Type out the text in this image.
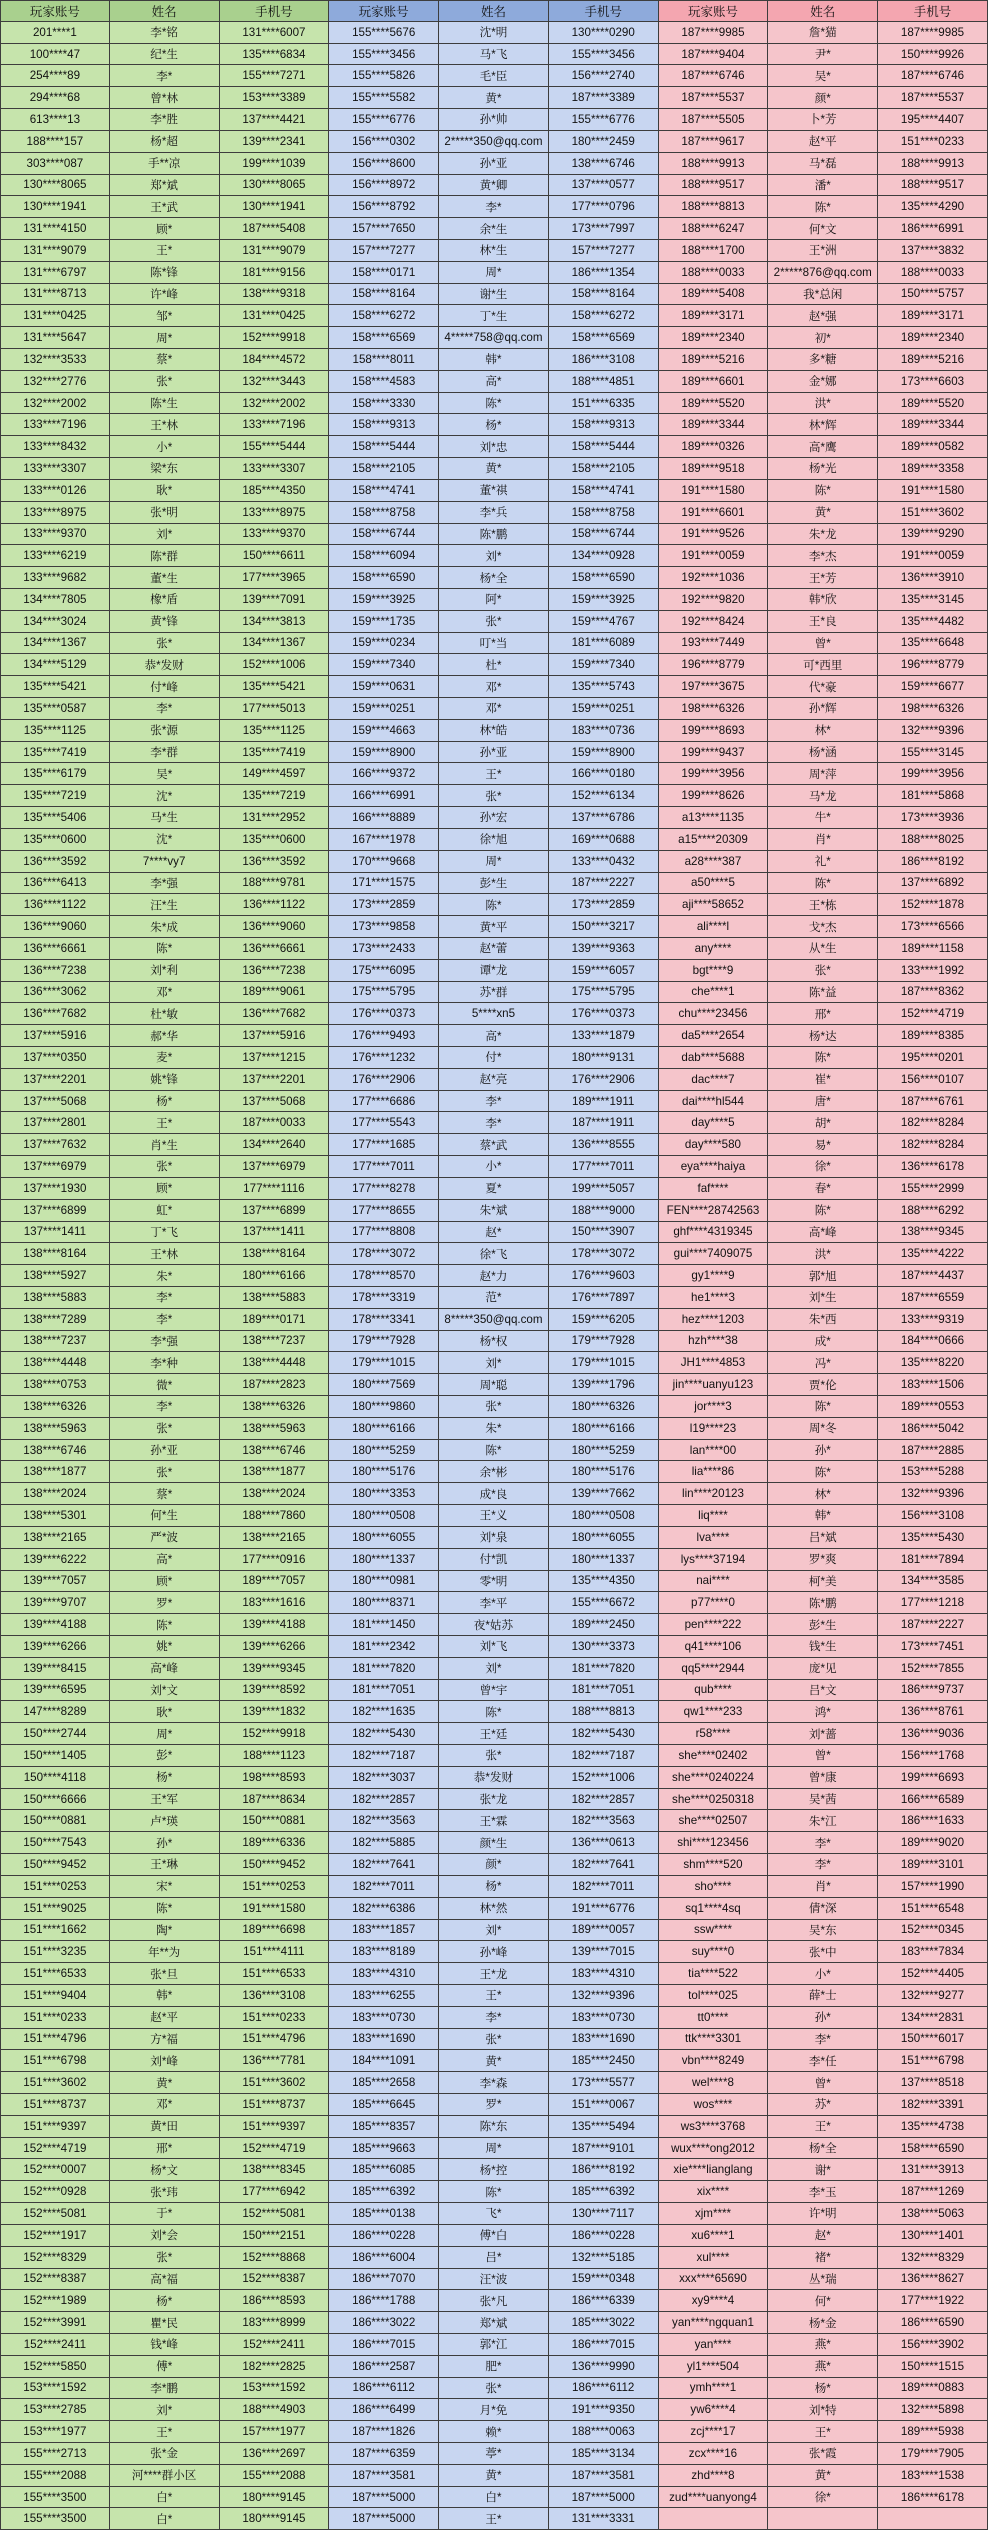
玩家账号	姓名	手机号	玩家账号	姓名	手机号	玩家账号	姓名	手机号
201****1	李*铭	131****6007	155****5676	沈*明	130****0290	187****9985	詹*猫	187****9985
100****47	纪*生	135****6834	155****3456	马*飞	155****3456	187****9404	尹*	150****9926
254****89	李*	155****7271	155****5826	毛*臣	156****2740	187****6746	吴*	187****6746
294****68	曾*林	153****3389	155****5582	黄*	187****3389	187****5537	颜*	187****5537
613****13	李*胜	137****4421	155****6776	孙*帅	155****6776	187****5505	卜*芳	195****4407
188****157	杨*超	139****2341	156****0302	2*****350@qq.com	180****2459	187****9617	赵*平	151****0233
303****087	手**凉	199****1039	156****8600	孙*亚	138****6746	188****9913	马*磊	188****9913
130****8065	郑*斌	130****8065	156****8972	黄*卿	137****0577	188****9517	潘*	188****9517
130****1941	王*武	130****1941	156****8792	李*	177****0796	188****8813	陈*	135****4290
131****4150	顾*	187****5408	157****7650	余*生	173****7997	188****6247	何*文	186****6991
131****9079	王*	131****9079	157****7277	林*生	157****7277	188****1700	王*洲	137****3832
131****6797	陈*锋	181****9156	158****0171	周*	186****1354	188****0033	2*****876@qq.com	188****0033
131****8713	许*峰	138****9318	158****8164	谢*生	158****8164	189****5408	我*总闲	150****5757
131****0425	邹*	131****0425	158****6272	丁*生	158****6272	189****3171	赵*强	189****3171
131****5647	周*	152****9918	158****6569	4*****758@qq.com	158****6569	189****2340	初*	189****2340
132****3533	蔡*	184****4572	158****8011	韩*	186****3108	189****5216	多*糖	189****5216
132****2776	张*	132****3443	158****4583	高*	188****4851	189****6601	金*娜	173****6603
132****2002	陈*生	132****2002	158****3330	陈*	151****6335	189****5520	洪*	189****5520
133****7196	王*林	133****7196	158****9313	杨*	158****9313	189****3344	林*辉	189****3344
133****8432	小*	155****5444	158****5444	刘*忠	158****5444	189****0326	高*鹰	189****0582
133****3307	梁*东	133****3307	158****2105	黄*	158****2105	189****9518	杨*光	189****3358
133****0126	耿*	185****4350	158****4741	董*祺	158****4741	191****1580	陈*	191****1580
133****8975	张*明	133****8975	158****8758	李*兵	158****8758	191****6601	黄*	151****3602
133****9370	刘*	133****9370	158****6744	陈*鹏	158****6744	191****9526	朱*龙	139****9290
133****6219	陈*群	150****6611	158****6094	刘*	134****0928	191****0059	李*杰	191****0059
133****9682	董*生	177****3965	158****6590	杨*全	158****6590	192****1036	王*芳	136****3910
134****7805	橡*盾	139****7091	159****3925	阿*	159****3925	192****9820	韩*欣	135****3145
134****3024	黄*锋	134****3813	159****1735	张*	159****4767	192****8424	王*良	135****4482
134****1367	张*	134****1367	159****0234	叮*当	181****6089	193****7449	曾*	135****6648
134****5129	恭*发财	152****1006	159****7340	杜*	159****7340	196****8779	可*西里	196****8779
135****5421	付*峰	135****5421	159****0631	邓*	135****5743	197****3675	代*豪	159****6677
135****0587	李*	177****5013	159****0251	邓*	159****0251	198****6326	孙*辉	198****6326
135****1125	张*源	135****1125	159****4663	林*皓	183****0736	199****8693	林*	132****9396
135****7419	李*群	135****7419	159****8900	孙*亚	159****8900	199****9437	杨*涵	155****3145
135****6179	吴*	149****4597	166****9372	王*	166****0180	199****3956	周*萍	199****3956
135****7219	沈*	135****7219	166****6991	张*	152****6134	199****8626	马*龙	181****5868
135****5406	马*生	131****2952	166****8889	孙*宏	137****6786	a13****1135	牛*	173****3936
135****0600	沈*	135****0600	167****1978	徐*旭	169****0688	a15****20309	肖*	188****8025
136****3592	7****vy7	136****3592	170****9668	周*	133****0432	a28****387	礼*	186****8192
136****6413	李*强	188****9781	171****1575	彭*生	187****2227	a50****5	陈*	137****6892
136****1122	汪*生	136****1122	173****2859	陈*	173****2859	aji****58652	王*栋	152****1878
136****9060	朱*成	136****9060	173****9858	黄*平	150****3217	ali****l	戈*杰	173****6566
136****6661	陈*	136****6661	173****2433	赵*蕾	139****9363	any****	从*生	189****1158
136****7238	刘*利	136****7238	175****6095	谭*龙	159****6057	bgt****9	张*	133****1992
136****3062	邓*	189****9061	175****5795	苏*群	175****5795	che****1	陈*益	187****8362
136****7682	杜*敏	136****7682	176****0373	5****xn5	176****0373	chu****23456	邢*	152****4719
137****5916	郝*华	137****5916	176****9493	高*	133****1879	da5****2654	杨*达	189****8385
137****0350	麦*	137****1215	176****1232	付*	180****9131	dab****5688	陈*	195****0201
137****2201	姚*锋	137****2201	176****2906	赵*亮	176****2906	dac****7	崔*	156****0107
137****5068	杨*	137****5068	177****6686	李*	189****1911	dai****hl544	唐*	187****6761
137****2801	王*	187****0033	177****5543	李*	187****1911	day****5	胡*	182****8284
137****7632	肖*生	134****2640	177****1685	蔡*武	136****8555	day****580	易*	182****8284
137****6979	张*	137****6979	177****7011	小*	177****7011	eya****haiya	徐*	136****6178
137****1930	顾*	177****1116	177****8278	夏*	199****5057	faf****	春*	155****2999
137****6899	虹*	137****6899	177****8655	朱*斌	188****9000	FEN****28742563	陈*	188****6292
137****1411	丁*飞	137****1411	177****8808	赵*	150****3907	ghf****4319345	高*峰	138****9345
138****8164	王*林	138****8164	178****3072	徐*飞	178****3072	gui****7409075	洪*	135****4222
138****5927	朱*	180****6166	178****8570	赵*力	176****9603	gy1****9	郭*旭	187****4437
138****5883	李*	138****5883	178****3319	范*	176****7897	he1****3	刘*生	187****6559
138****7289	李*	189****0171	178****3341	8*****350@qq.com	159****6205	hez****1203	朱*西	133****9319
138****7237	李*强	138****7237	179****7928	杨*权	179****7928	hzh****38	成*	184****0666
138****4448	李*种	138****4448	179****1015	刘*	179****1015	JH1****4853	冯*	135****8220
138****0753	微*	187****2823	180****7569	周*聪	139****1796	jin****uanyu123	贾*伦	183****1506
138****6326	李*	138****6326	180****9860	张*	180****6326	jor****3	陈*	189****0553
138****5963	张*	138****5963	180****6166	朱*	180****6166	l19****23	周*冬	186****5042
138****6746	孙*亚	138****6746	180****5259	陈*	180****5259	lan****00	孙*	187****2885
138****1877	张*	138****1877	180****5176	余*彬	180****5176	lia****86	陈*	153****5288
138****2024	蔡*	138****2024	180****3353	成*良	139****7662	lin****20123	林*	132****9396
138****5301	何*生	188****7860	180****0508	王*义	180****0508	liq****	韩*	156****3108
138****2165	严*波	138****2165	180****6055	刘*泉	180****6055	lva****	吕*斌	135****5430
139****6222	高*	177****0916	180****1337	付*凯	180****1337	lys****37194	罗*爽	181****7894
139****7057	顾*	189****7057	180****0981	零*明	135****4350	nai****	柯*美	134****3585
139****9707	罗*	183****1616	180****8371	李*平	155****6672	p77****0	陈*鹏	177****1218
139****4188	陈*	139****4188	181****1450	夜*姑苏	189****2450	pen****222	彭*生	187****2227
139****6266	姚*	139****6266	181****2342	刘*飞	130****3373	q41****106	钱*生	173****7451
139****8415	高*峰	139****9345	181****7820	刘*	181****7820	qq5****2944	庞*见	152****7855
139****6595	刘*文	139****8592	181****7051	曾*宇	181****7051	qub****	吕*文	186****9737
147****8289	耿*	139****1832	182****1635	陈*	188****8813	qw1****233	鸿*	136****8761
150****2744	周*	152****9918	182****5430	王*廷	182****5430	r58****	刘*蔷	136****9036
150****1405	彭*	188****1123	182****7187	张*	182****7187	she****02402	曾*	156****1768
150****4118	杨*	198****8593	182****3037	恭*发财	152****1006	she****0240224	曾*康	199****6693
150****6666	王*军	187****8634	182****2857	张*龙	182****2857	she****0250318	吴*茜	166****6589
150****0881	卢*瑛	150****0881	182****3563	王*霖	182****3563	she****02507	朱*江	186****1633
150****7543	孙*	189****6336	182****5885	颜*生	136****0613	shi****123456	李*	189****9020
150****9452	王*琳	150****9452	182****7641	颜*	182****7641	shm****520	李*	189****3101
151****0253	宋*	151****0253	182****7011	杨*	182****7011	sho****	肖*	157****1990
151****9025	陈*	191****1580	182****6386	林*然	191****6776	sq1****4sq	倩*深	151****6548
151****1662	陶*	189****6698	183****1857	刘*	189****0057	ssw****	吴*东	152****0345
151****3235	年**为	151****4111	183****8189	孙*峰	139****7015	suy****0	张*中	183****7834
151****6533	张*旦	151****6533	183****4310	王*龙	183****4310	tia****522	小*	152****4405
151****9404	韩*	136****3108	183****6255	王*	132****9396	tol****025	薛*士	132****9277
151****0233	赵*平	151****0233	183****0730	李*	183****0730	tt0****	孙*	134****2831
151****4796	方*福	151****4796	183****1690	张*	183****1690	ttk****3301	李*	150****6017
151****6798	刘*峰	136****7781	184****1091	黄*	185****2450	vbn****8249	李*任	151****6798
151****3602	黄*	151****3602	185****2658	李*森	173****5577	wel****8	曾*	137****8518
151****8737	邓*	151****8737	185****6645	罗*	151****0067	wos****	苏*	182****3391
151****9397	黄*田	151****9397	185****8357	陈*东	135****5494	ws3****3768	王*	135****4738
152****4719	邢*	152****4719	185****9663	周*	187****9101	wux****ong2012	杨*全	158****6590
152****0007	杨*文	138****8345	185****6085	杨*控	186****8192	xie****lianglang	谢*	131****3913
152****0928	张*玮	177****6942	185****6392	陈*	185****6392	xix****	李*玉	187****1269
152****5081	于*	152****5081	185****0138	飞*	130****7117	xjm****	许*明	138****5063
152****1917	刘*会	150****2151	186****0228	傅*白	186****0228	xu6****1	赵*	130****1401
152****8329	张*	152****8868	186****6004	吕*	132****5185	xul****	褚*	132****8329
152****8387	高*福	152****8387	186****7070	汪*波	159****0348	xxx****65690	丛*瑞	136****8627
152****1989	杨*	186****8593	186****1788	张*凡	186****6339	xy9****4	何*	177****1922
152****3991	瞿*民	183****8999	186****3022	郑*斌	185****3022	yan****ngquan1	杨*金	186****6590
152****2411	钱*峰	152****2411	186****7015	郭*江	186****7015	yan****	燕*	156****3902
152****5850	傅*	182****2825	186****2587	肥*	136****9990	yl1****504	燕*	150****1515
153****1592	李*鹏	153****1592	186****6112	张*	186****6112	ymh****1	杨*	189****0883
153****2785	刘*	188****4903	186****6499	月*免	191****9350	yw6****4	刘*特	132****5898
153****1977	王*	157****1977	187****1826	赖*	188****0063	zcj****17	王*	189****5938
155****2713	张*金	136****2697	187****6359	葶*	185****3134	zcx****16	张*霞	179****7905
155****2088	河****群小区	155****2088	187****3581	黄*	187****3581	zhd****8	黄*	183****1538
155****3500	白*	180****9145	187****5000	白*	187****5000	zud****uanyong4	徐*	186****6178
155****3500	白*	180****9145	187****5000	王*	131****3331
